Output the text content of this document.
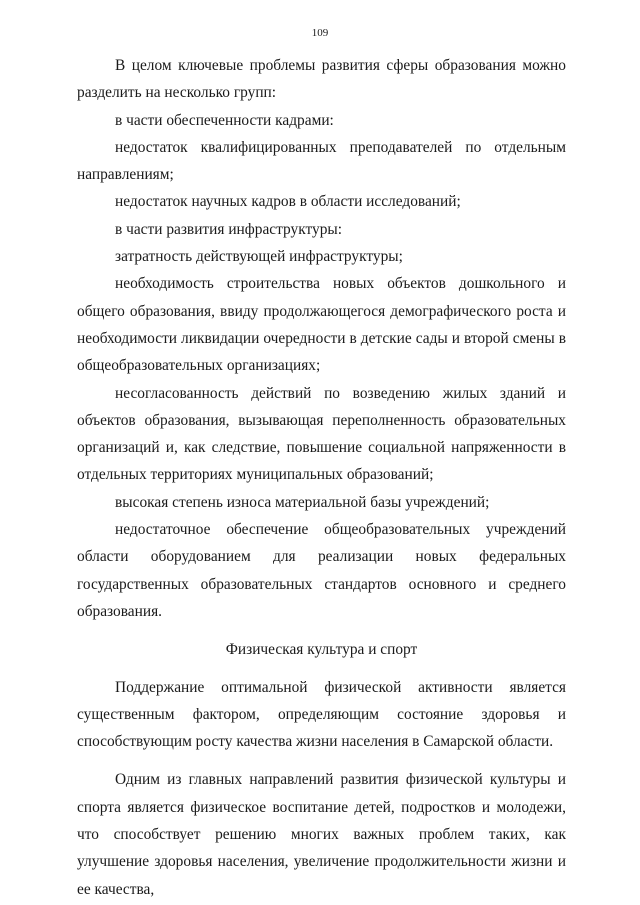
109

В целом ключевые проблемы развития сферы образования можно разделить на несколько групп:

в части обеспеченности кадрами:

недостаток квалифицированных преподавателей по отдельным направлениям;

недостаток научных кадров в области исследований;

в части развития инфраструктуры:

затратность действующей инфраструктуры;

необходимость строительства новых объектов дошкольного и общего образования, ввиду продолжающегося демографического роста и необходимости ликвидации очередности в детские сады и второй смены в общеобразовательных организациях;

несогласованность действий по возведению жилых зданий и объектов образования, вызывающая переполненность образовательных организаций и, как следствие, повышение социальной напряженности в отдельных территориях муниципальных образований;

высокая степень износа материальной базы учреждений;

недостаточное обеспечение общеобразовательных учреждений области оборудованием для реализации новых федеральных государственных образовательных стандартов основного и среднего образования.

Физическая культура и спорт

Поддержание оптимальной физической активности является существенным фактором, определяющим состояние здоровья и способствующим росту качества жизни населения в Самарской области.

Одним из главных направлений развития физической культуры и спорта является физическое воспитание детей, подростков и молодежи, что способствует решению многих важных проблем таких, как улучшение здоровья населения, увеличение продолжительности жизни и ее качества,
